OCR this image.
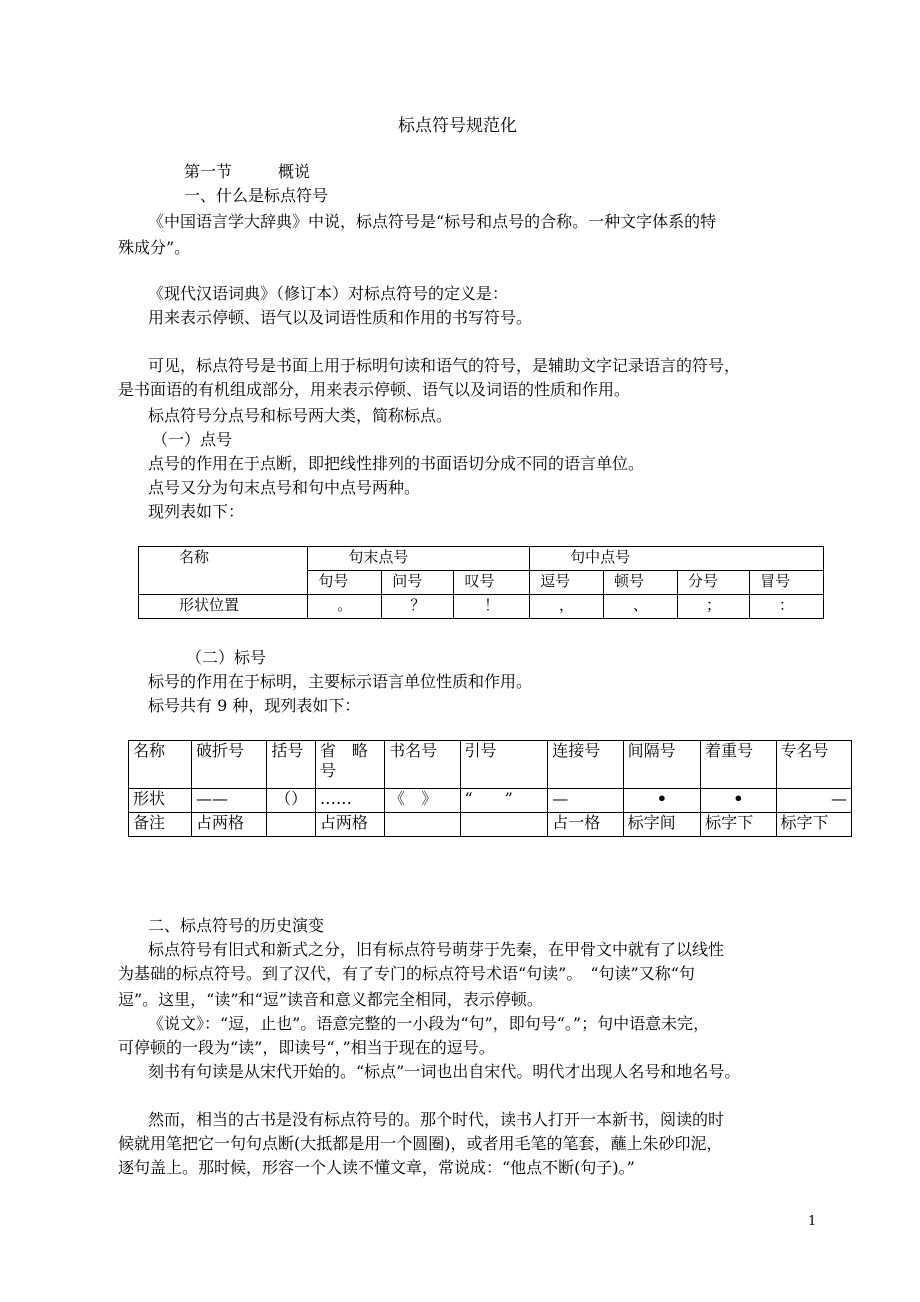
标点符号规范化
第一节	概说
一、什么是标点符号
《中国语言学大辞典》中说，标点符号是“标号和点号的合称。一种文字体系的特
殊成分”。
《现代汉语词典》（修订本）对标点符号的定义是：
用来表示停顿、语气以及词语性质和作用的书写符号。
可见，标点符号是书面上用于标明句读和语气的符号，是辅助文字记录语言的符号，
是书面语的有机组成部分，用来表示停顿、语气以及词语的性质和作用。
标点符号分点号和标号两大类，简称标点。
（一）点号
点号的作用在于点断，即把线性排列的书面语切分成不同的语言单位。
点号又分为句末点号和句中点号两种。
现列表如下：
名称	句末点号			句中点号			
	句号	问号	叹号	逗号	顿号	分号	冒号
形状位置	。	？	！	，	、	；	：
（二）标号
标号的作用在于标明，主要标示语言单位性质和作用。
标号共有 9 种，现列表如下：
名称	破折号	括号	省　略号	书名号	引号	连接号	间隔号	着重号	专名号
形状	——	（）	……	《　》	“　　”	—	•	•	—
备注	占两格		占两格			占一格	标字间	标字下	标字下
二、标点符号的历史演变
标点符号有旧式和新式之分，旧有标点符号萌芽于先秦，在甲骨文中就有了以线性
为基础的标点符号。到了汉代，有了专门的标点符号术语“句读”。　“句读”又称“句
逗”。这里，“读”和“逗”读音和意义都完全相同，表示停顿。
《说文》：“逗，止也”。语意完整的一小段为“句”，即句号“。”；句中语意未完，
可停顿的一段为“读”，即读号“，”相当于现在的逗号。
刻书有句读是从宋代开始的。“标点”一词也出自宋代。明代才出现人名号和地名号。
然而，相当的古书是没有标点符号的。那个时代，读书人打开一本新书，阅读的时
候就用笔把它一句句点断(大抵都是用一个圆圈)，或者用毛笔的笔套，蘸上朱砂印泥，
逐句盖上。那时候，形容一个人读不懂文章，常说成：“他点不断(句子)。”
1
